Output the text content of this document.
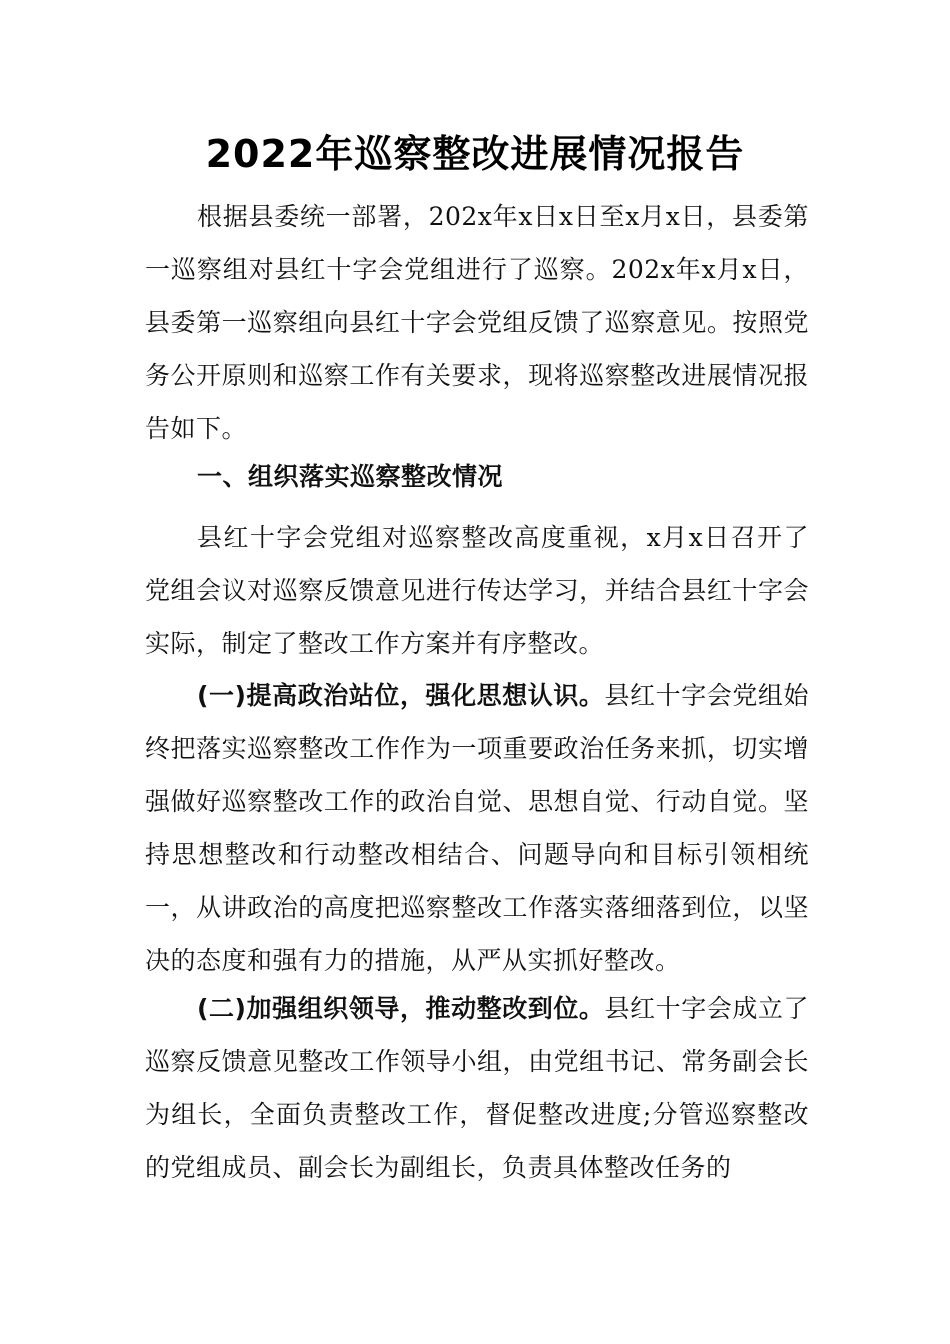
2022年巡察整改进展情况报告

根据县委统一部署，202x年x日x日至x月x日，县委第一巡察组对县红十字会党组进行了巡察。202x年x月x日，县委第一巡察组向县红十字会党组反馈了巡察意见。按照党务公开原则和巡察工作有关要求，现将巡察整改进展情况报告如下。

一、组织落实巡察整改情况

县红十字会党组对巡察整改高度重视，x月x日召开了党组会议对巡察反馈意见进行传达学习，并结合县红十字会实际，制定了整改工作方案并有序整改。

(一)提高政治站位，强化思想认识。县红十字会党组始终把落实巡察整改工作作为一项重要政治任务来抓，切实增强做好巡察整改工作的政治自觉、思想自觉、行动自觉。坚持思想整改和行动整改相结合、问题导向和目标引领相统一，从讲政治的高度把巡察整改工作落实落细落到位，以坚决的态度和强有力的措施，从严从实抓好整改。

(二)加强组织领导，推动整改到位。县红十字会成立了巡察反馈意见整改工作领导小组，由党组书记、常务副会长为组长，全面负责整改工作，督促整改进度;分管巡察整改的党组成员、副会长为副组长，负责具体整改任务的
